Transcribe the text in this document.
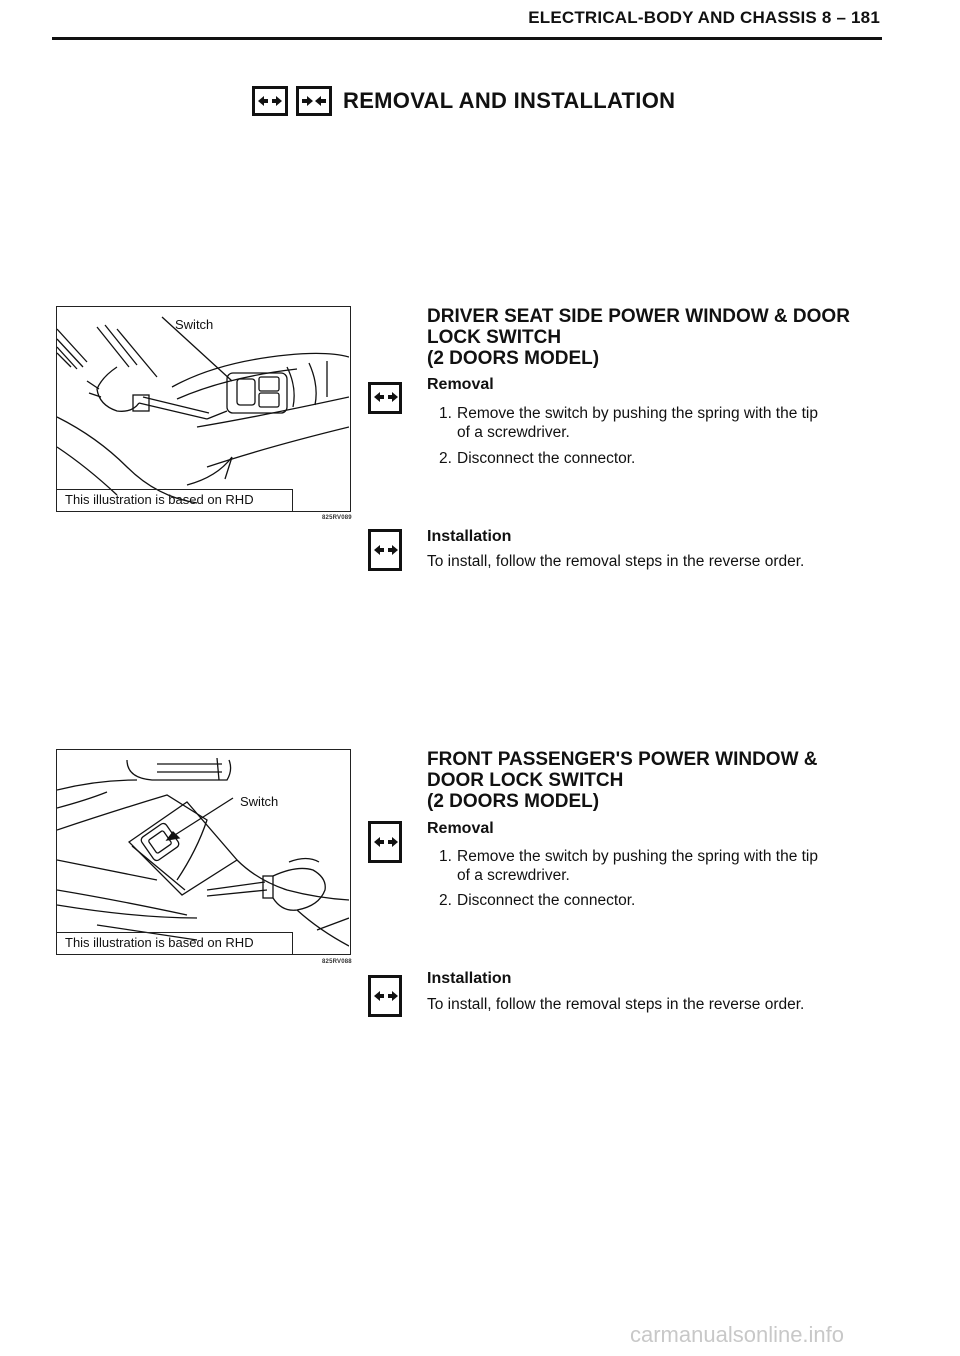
ELECTRICAL-BODY AND CHASSIS 8 – 181
REMOVAL AND INSTALLATION
Switch
This illustration is based on RHD
825RV089
DRIVER SEAT SIDE POWER WINDOW & DOOR
LOCK SWITCH
(2 DOORS MODEL)
Removal
1. Remove the switch by pushing the spring with the tip
of a screwdriver.
2. Disconnect the connector.
Installation
To install, follow the removal steps in the reverse order.
Switch
This illustration is based on RHD
825RV088
FRONT PASSENGER'S POWER WINDOW &
DOOR LOCK SWITCH
(2 DOORS MODEL)
Removal
1. Remove the switch by pushing the spring with the tip
of a screwdriver.
2. Disconnect the connector.
Installation
To install, follow the removal steps in the reverse order.
carmanualsonline.info
